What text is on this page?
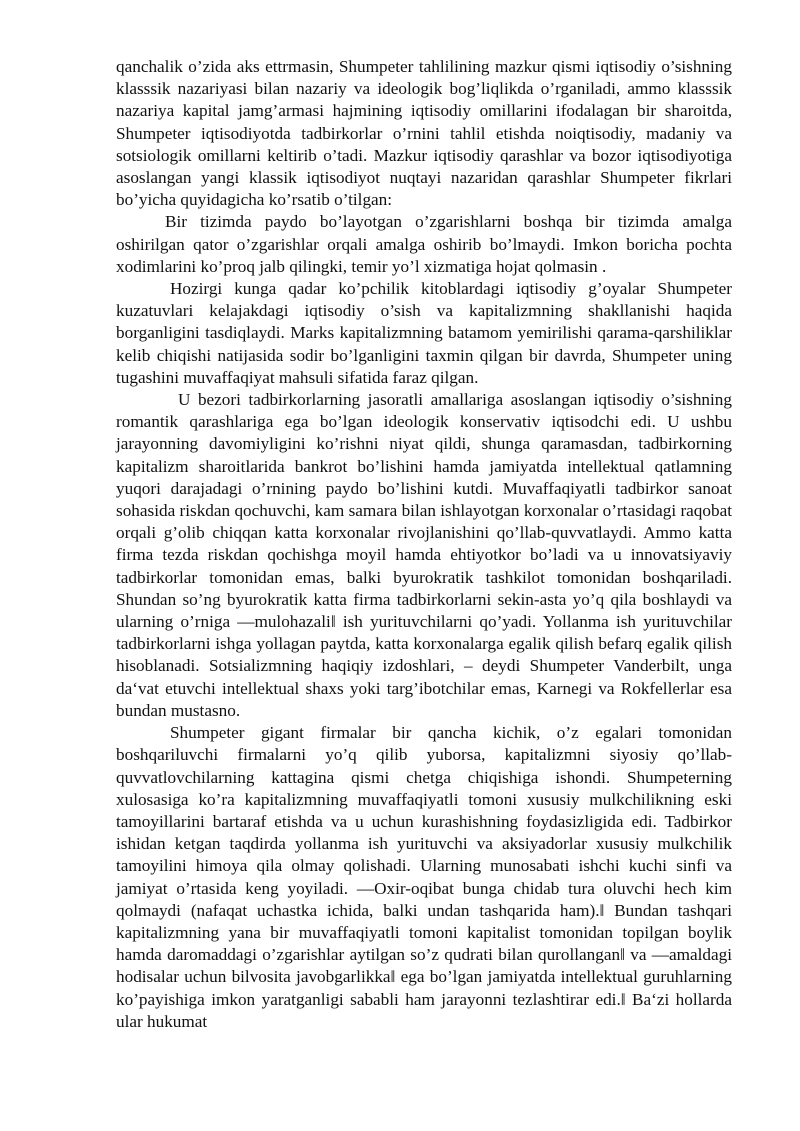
qanchalik o’zida aks ettrmasin, Shumpeter tahlilining mazkur qismi iqtisodiy o’sishning klasssik nazariyasi bilan nazariy va ideologik bog’liqlikda o’rganiladi, ammo klasssik nazariya kapital jamg’armasi hajmining iqtisodiy omillarini ifodalagan bir sharoitda, Shumpeter iqtisodiyotda tadbirkorlar o’rnini tahlil etishda noiqtisodiy, madaniy va sotsiologik omillarni keltirib o’tadi. Mazkur iqtisodiy qarashlar va bozor iqtisodiyotiga asoslangan yangi klassik iqtisodiyot nuqtayi nazaridan qarashlar Shumpeter fikrlari bo’yicha quyidagicha ko’rsatib o’tilgan:

Bir tizimda paydo bo’layotgan o’zgarishlarni boshqa bir tizimda amalga oshirilgan qator o’zgarishlar orqali amalga oshirib bo’lmaydi. Imkon boricha pochta xodimlarini ko’proq jalb qilingki, temir yo’l xizmatiga hojat qolmasin .

Hozirgi kunga qadar ko’pchilik kitoblardagi iqtisodiy g’oyalar Shumpeter kuzatuvlari kelajakdagi iqtisodiy o’sish va kapitalizmning shakllanishi haqida borganligini tasdiqlaydi. Marks kapitalizmning batamom yemirilishi qarama-qarshiliklar kelib chiqishi natijasida sodir bo’lganligini taxmin qilgan bir davrda, Shumpeter uning tugashini muvaffaqiyat mahsuli sifatida faraz qilgan.

U bezori tadbirkorlarning jasoratli amallariga asoslangan iqtisodiy o’sishning romantik qarashlariga ega bo’lgan ideologik konservativ iqtisodchi edi. U ushbu jarayonning davomiyligini ko’rishni niyat qildi, shunga qaramasdan, tadbirkorning kapitalizm sharoitlarida bankrot bo’lishini hamda jamiyatda intellektual qatlamning yuqori darajadagi o’rnining paydo bo’lishini kutdi. Muvaffaqiyatli tadbirkor sanoat sohasida riskdan qochuvchi, kam samara bilan ishlayotgan korxonalar o’rtasidagi raqobat orqali g’olib chiqqan katta korxonalar rivojlanishini qo’llab-quvvatlaydi. Ammo katta firma tezda riskdan qochishga moyil hamda ehtiyotkor bo’ladi va u innovatsiyaviy tadbirkorlar tomonidan emas, balki byurokratik tashkilot tomonidan boshqariladi. Shundan so’ng byurokratik katta firma tadbirkorlarni sekin-asta yo’q qila boshlaydi va ularning o’rniga ―mulohazali‖ ish yurituvchilarni qo’yadi. Yollanma ish yurituvchilar tadbirkorlarni ishga yollagan paytda, katta korxonalarga egalik qilish befarq egalik qilish hisoblanadi. Sotsializmning haqiqiy izdoshlari, – deydi Shumpeter Vanderbilt, unga da‘vat etuvchi intellektual shaxs yoki targ’ibotchilar emas, Karnegi va Rokfellerlar esa bundan mustasno.

Shumpeter gigant firmalar bir qancha kichik, o’z egalari tomonidan boshqariluvchi firmalarni yo’q qilib yuborsa, kapitalizmni siyosiy qo’llab-quvvatlovchilarning kattagina qismi chetga chiqishiga ishondi. Shumpeterning xulosasiga ko’ra kapitalizmning muvaffaqiyatli tomoni xususiy mulkchilikning eski tamoyillarini bartaraf etishda va u uchun kurashishning foydasizligida edi. Tadbirkor ishidan ketgan taqdirda yollanma ish yurituvchi va aksiyadorlar xususiy mulkchilik tamoyilini himoya qila olmay qolishadi. Ularning munosabati ishchi kuchi sinfi va jamiyat o’rtasida keng yoyiladi. ―Oxir-oqibat bunga chidab tura oluvchi hech kim qolmaydi (nafaqat uchastka ichida, balki undan tashqarida ham).‖ Bundan tashqari kapitalizmning yana bir muvaffaqiyatli tomoni kapitalist tomonidan topilgan boylik hamda daromaddagi o’zgarishlar aytilgan so’z qudrati bilan qurollangan‖ va ―amaldagi hodisalar uchun bilvosita javobgarlikka‖ ega bo’lgan jamiyatda intellektual guruhlarning ko’payishiga imkon yaratganligi sababli ham jarayonni tezlashtirar edi.‖ Ba‘zi hollarda ular hukumat
